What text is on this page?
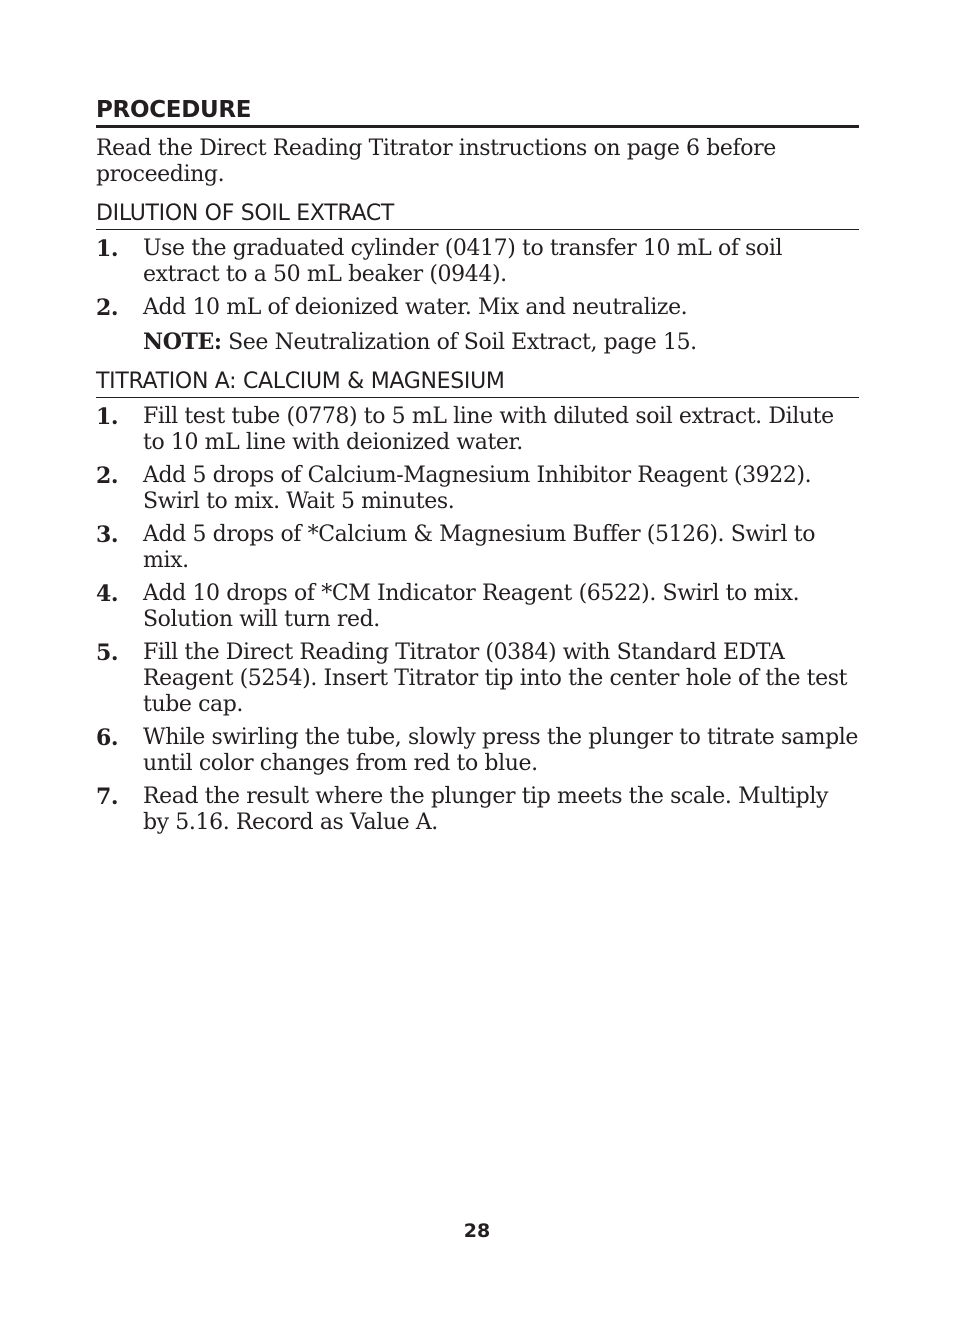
PROCEDURE
Read the Direct Reading Titrator instructions on page 6 before proceeding.
DILUTION OF SOIL EXTRACT
1. Use the graduated cylinder (0417) to transfer 10 mL of soil extract to a 50 mL beaker (0944).
2. Add 10 mL of deionized water. Mix and neutralize.
NOTE: See Neutralization of Soil Extract, page 15.
TITRATION A: CALCIUM & MAGNESIUM
1. Fill test tube (0778) to 5 mL line with diluted soil extract. Dilute to 10 mL line with deionized water.
2. Add 5 drops of Calcium-Magnesium Inhibitor Reagent (3922). Swirl to mix. Wait 5 minutes.
3. Add 5 drops of *Calcium & Magnesium Buffer (5126). Swirl to mix.
4. Add 10 drops of *CM Indicator Reagent (6522). Swirl to mix. Solution will turn red.
5. Fill the Direct Reading Titrator (0384) with Standard EDTA Reagent (5254). Insert Titrator tip into the center hole of the test tube cap.
6. While swirling the tube, slowly press the plunger to titrate sample until color changes from red to blue.
7. Read the result where the plunger tip meets the scale. Multiply by 5.16. Record as Value A.
28
